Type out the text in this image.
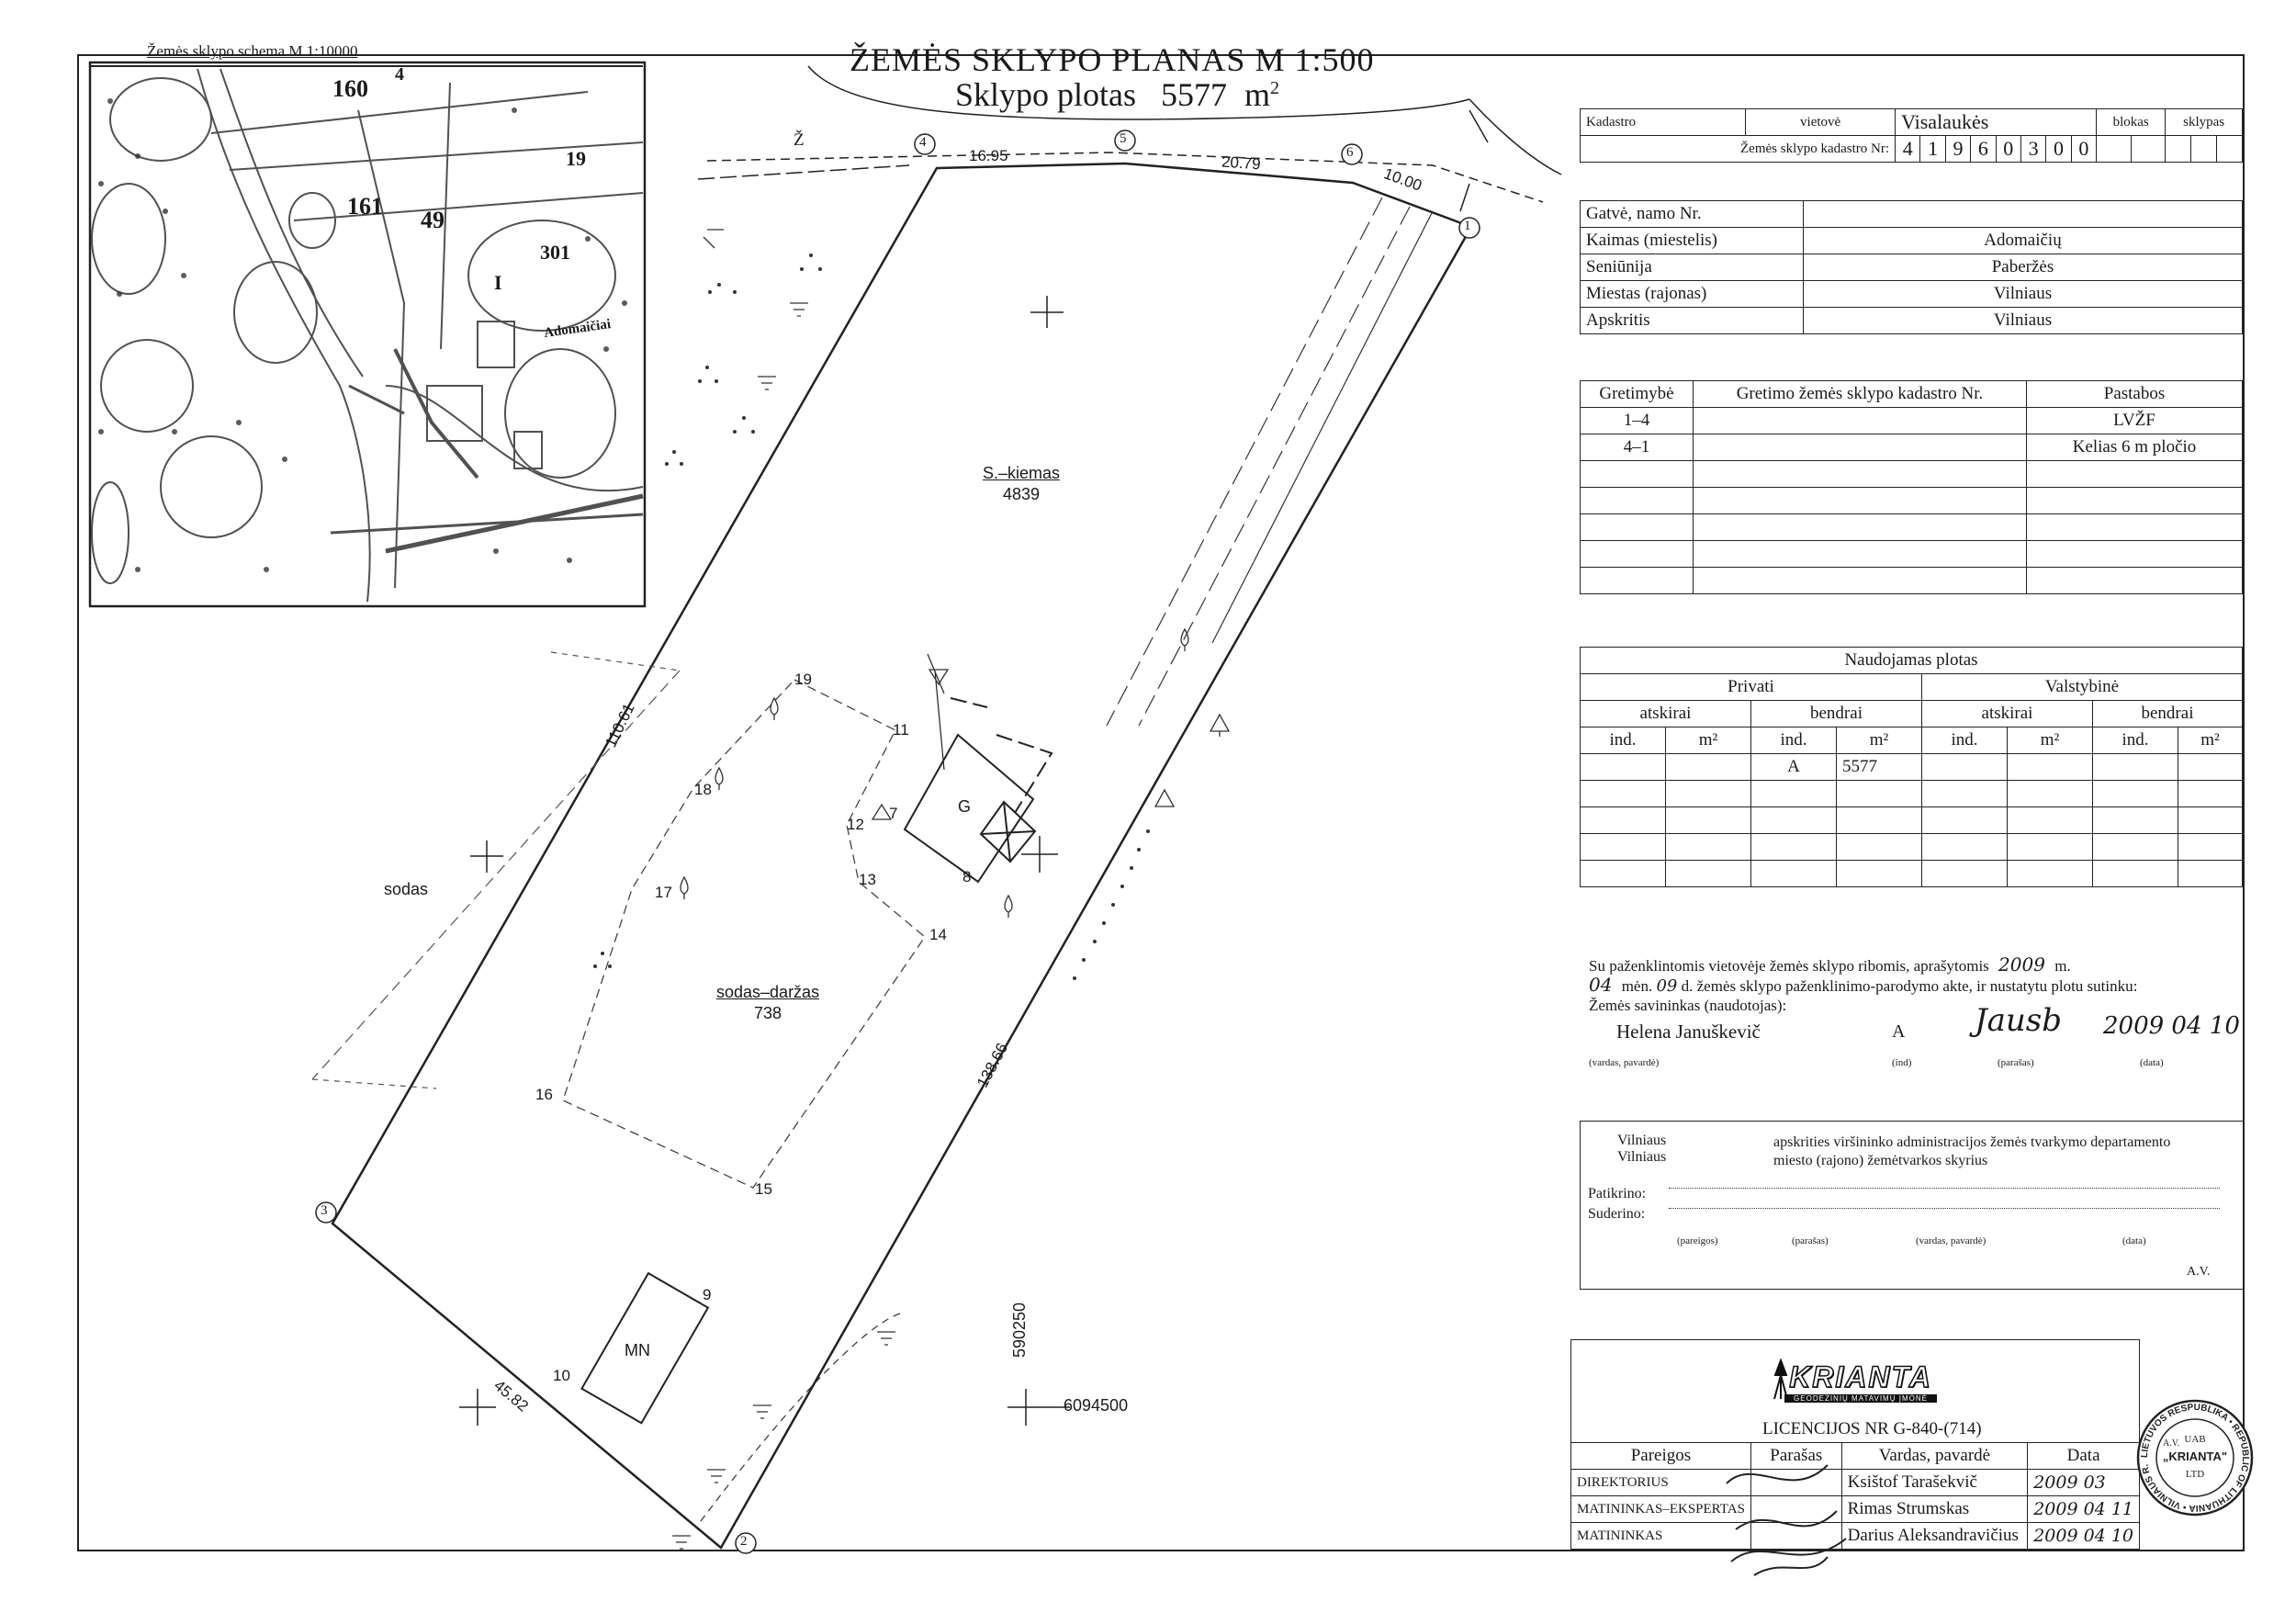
ŽEMĖS SKLYPO PLANAS M 1:500
Sklypo plotas 5577 $m^2$
Žemės sklypo schema M 1:10000
160
4
161
49
19
301
I
Adomaičiai
Ž
S.–kiemas
4839
sodas–daržas
738
sodas
G
MN	590250
6094500
16.95	20.79
10.00
110.61
138.66
45.82
1
2
3
4	5
6
7
8
9
10
11
12
13
14
15
16
17
18
19
Kadastro	vietovė	Visalaukės								blokas		sklypas		
Žemės sklypo kadastro Nr:		4	1	9	6	0	3	0	0					
Gatvė, namo Nr.	
Kaimas (miestelis)	Adomaičių
Seniūnija	Paberžės
Miestas (rajonas)	Vilniaus
Apskritis	Vilniaus
Gretimybė	Gretimo žemės sklypo kadastro Nr.	Pastabos
1–4		LVŽF
4–1		Kelias 6 m pločio

Naudojamas plotas							
Privati				Valstybinė			
atskirai		bendrai		atskirai		bendrai	
ind.	m²	ind.	m²	ind.	m²	ind.	m²
		A	5577				

Su paženklintomis vietovėje žemės sklypo ribomis, aprašytomis 2009 m.
04 mėn. 09 d. žemės sklypo paženklinimo-parodymo akte, ir nustatytu plotu sutinku:
Žemės savininkas (naudotojas):
Helena Januškevič	A Jausb 2009 04 10
(vardas, pavardė)	(ind)	(parašas)	(data)
Vilniaus	apskrities viršininko administracijos žemės tvarkymo departamento
Vilniaus	miesto (rajono) žemėtvarkos skyrius
Patikrino:
Suderino:
(pareigos)	(parašas)	(vardas, pavardė)	(data)
A.V.
KRIANTA
GEODEZINIŲ MATAVIMŲ ĮMONĖ
LICENCIJOS NR G-840-(714)
Pareigos	Parašas	Vardas, pavardė	Data
DIREKTORIUS		Ksištof Tarašekvič	2009 03
MATININKAS–EKSPERTAS		Rimas Strumskas	2009 04 11
MATININKAS		Darius Aleksandravičius	2009 04 10
LIETUVOS RESPUBLIKA • REPUBLIC OF LITHUANIA • VILNIAUS R.
UAB
„KRIANTA"
LTD
A.V.
